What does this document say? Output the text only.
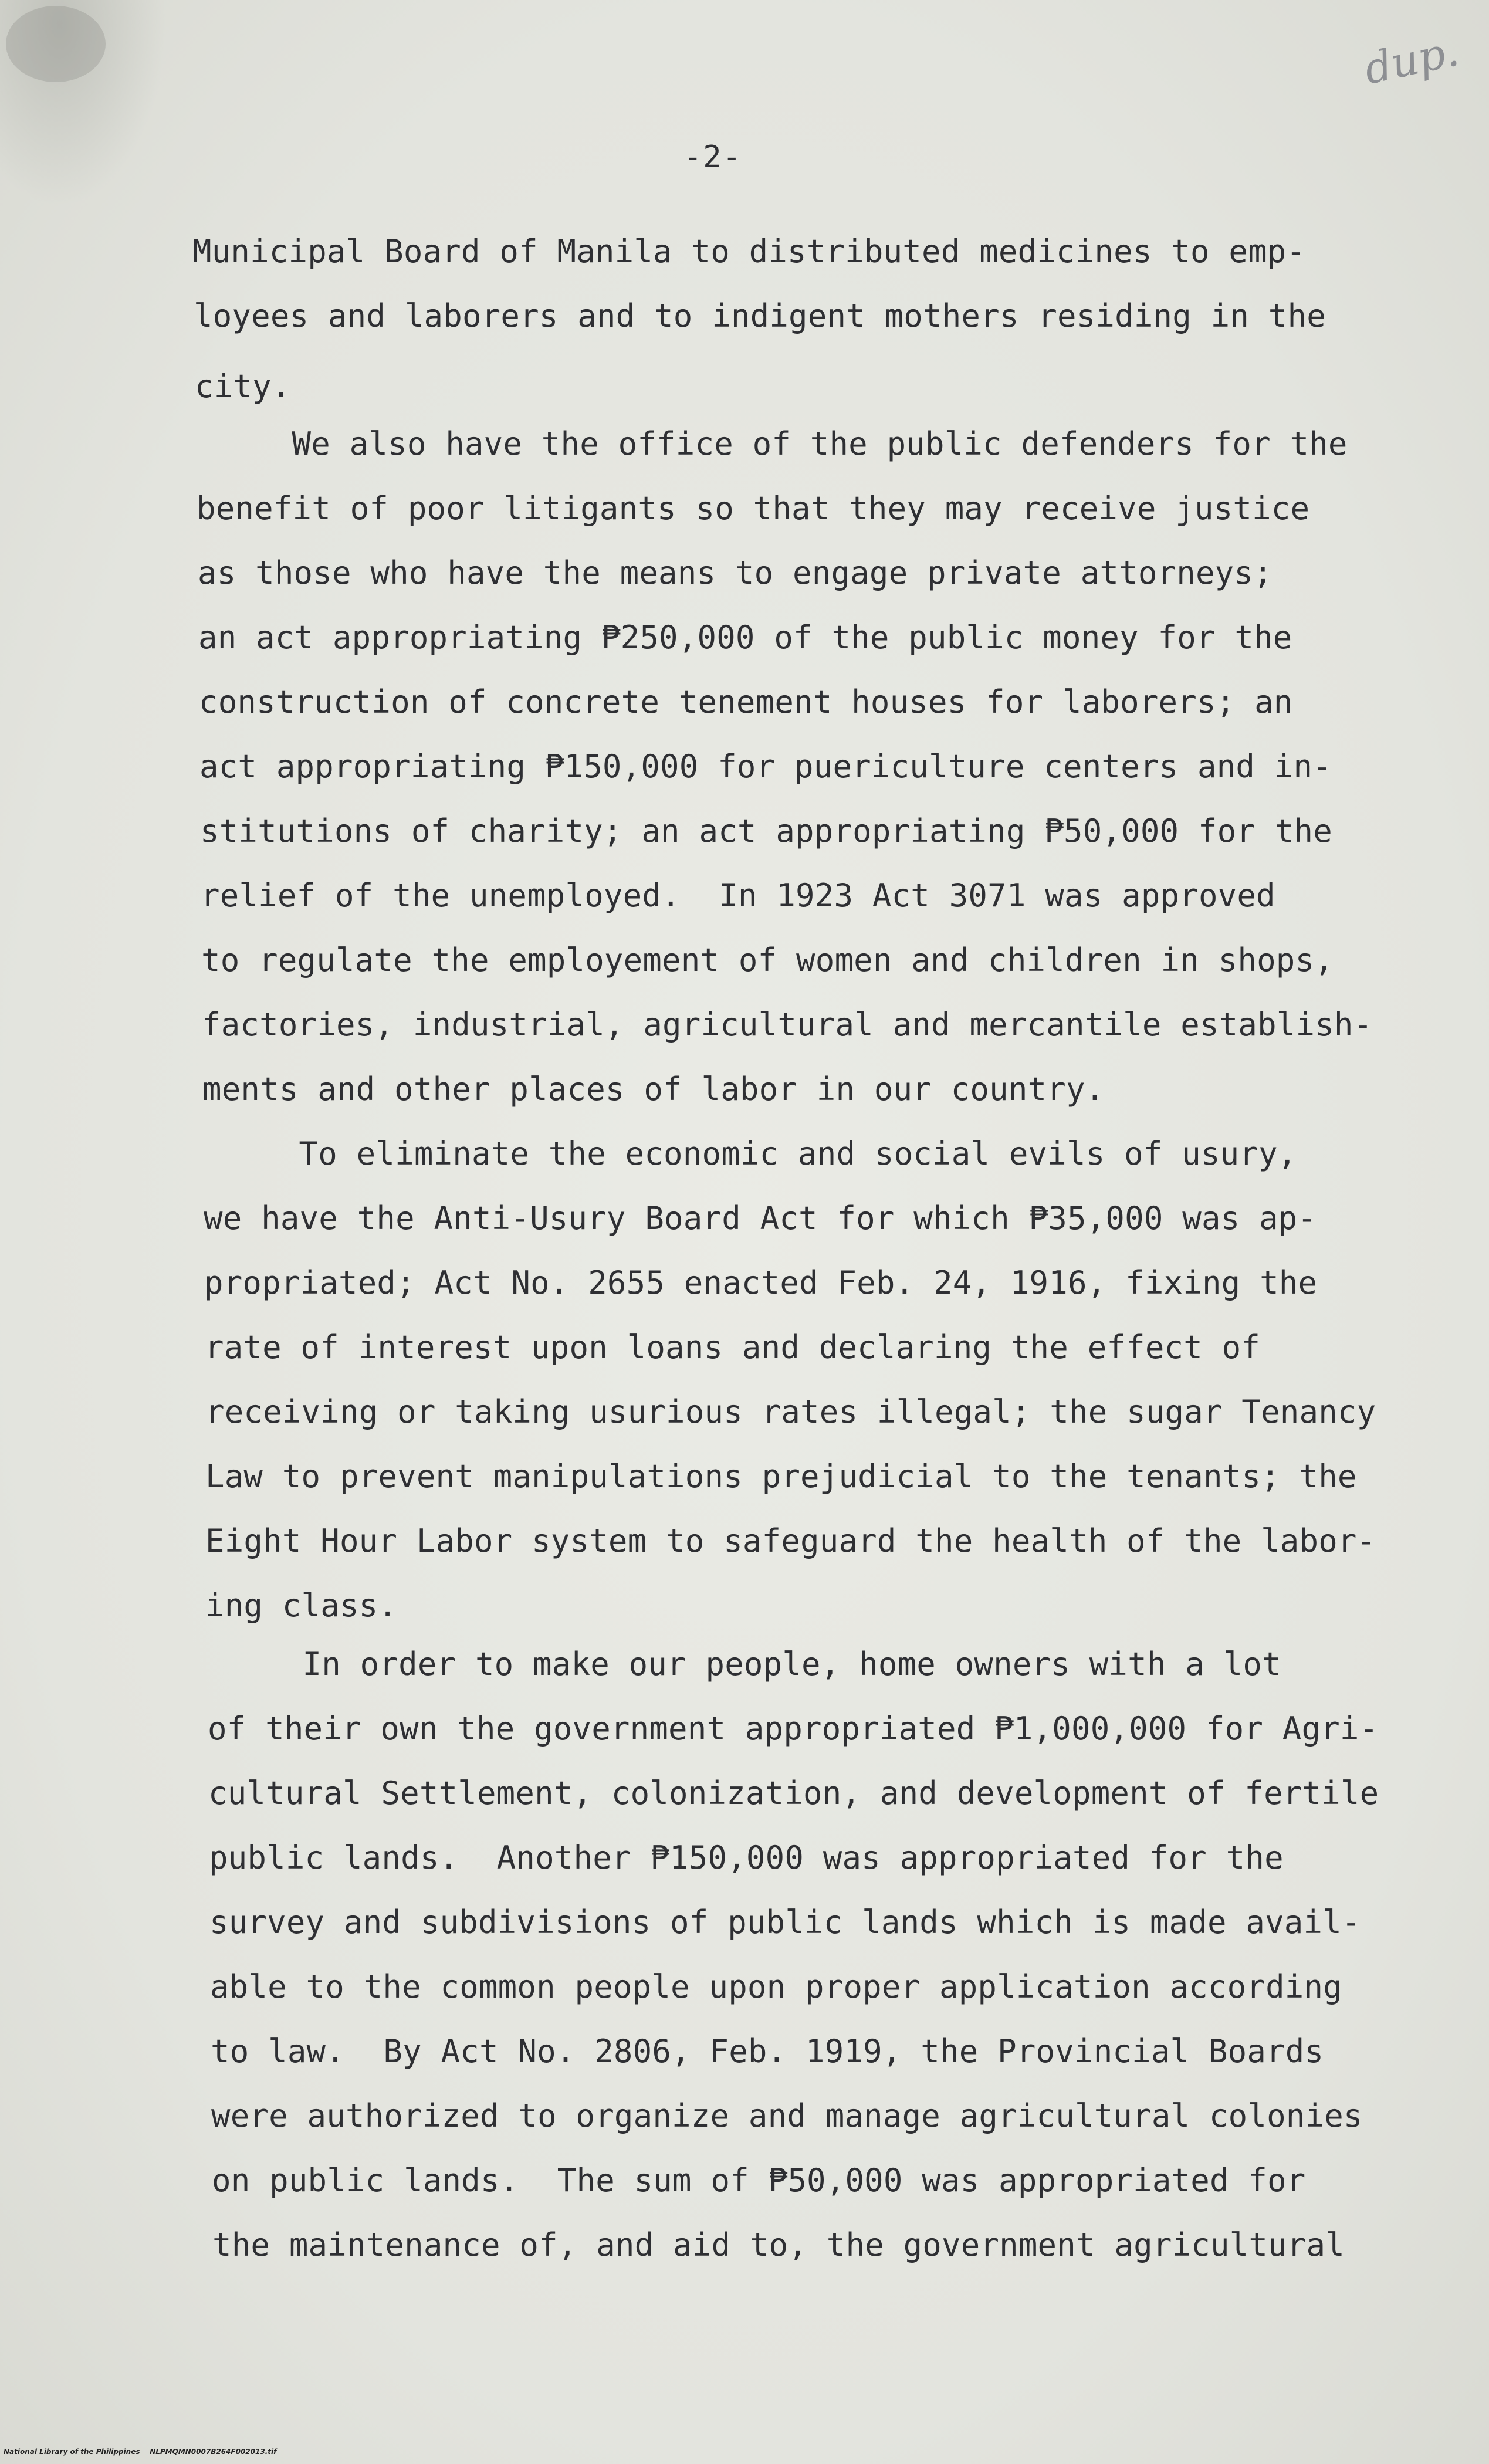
dup.
-2-
Municipal Board of Manila to distributed medicines to emp-
loyees and laborers and to indigent mothers residing in the
city.
We also have the office of the public defenders for the
benefit of poor litigants so that they may receive justice
as those who have the means to engage private attorneys;
an act appropriating ₱250,000 of the public money for the
construction of concrete tenement houses for laborers; an
act appropriating ₱150,000 for puericulture centers and in-
stitutions of charity; an act appropriating ₱50,000 for the
relief of the unemployed.  In 1923 Act 3071 was approved
to regulate the employement of women and children in shops,
factories, industrial, agricultural and mercantile establish-
ments and other places of labor in our country.
To eliminate the economic and social evils of usury,
we have the Anti-Usury Board Act for which ₱35,000 was ap-
propriated; Act No. 2655 enacted Feb. 24, 1916, fixing the
rate of interest upon loans and declaring the effect of
receiving or taking usurious rates illegal; the sugar Tenancy
Law to prevent manipulations prejudicial to the tenants; the
Eight Hour Labor system to safeguard the health of the labor-
ing class.
In order to make our people, home owners with a lot
of their own the government appropriated ₱1,000,000 for Agri-
cultural Settlement, colonization, and development of fertile
public lands.  Another ₱150,000 was appropriated for the
survey and subdivisions of public lands which is made avail-
able to the common people upon proper application according
to law.  By Act No. 2806, Feb. 1919, the Provincial Boards
were authorized to organize and manage agricultural colonies
on public lands.  The sum of ₱50,000 was appropriated for
the maintenance of, and aid to, the government agricultural
National Library of the Philippines    NLPMQMN0007B264F002013.tif
